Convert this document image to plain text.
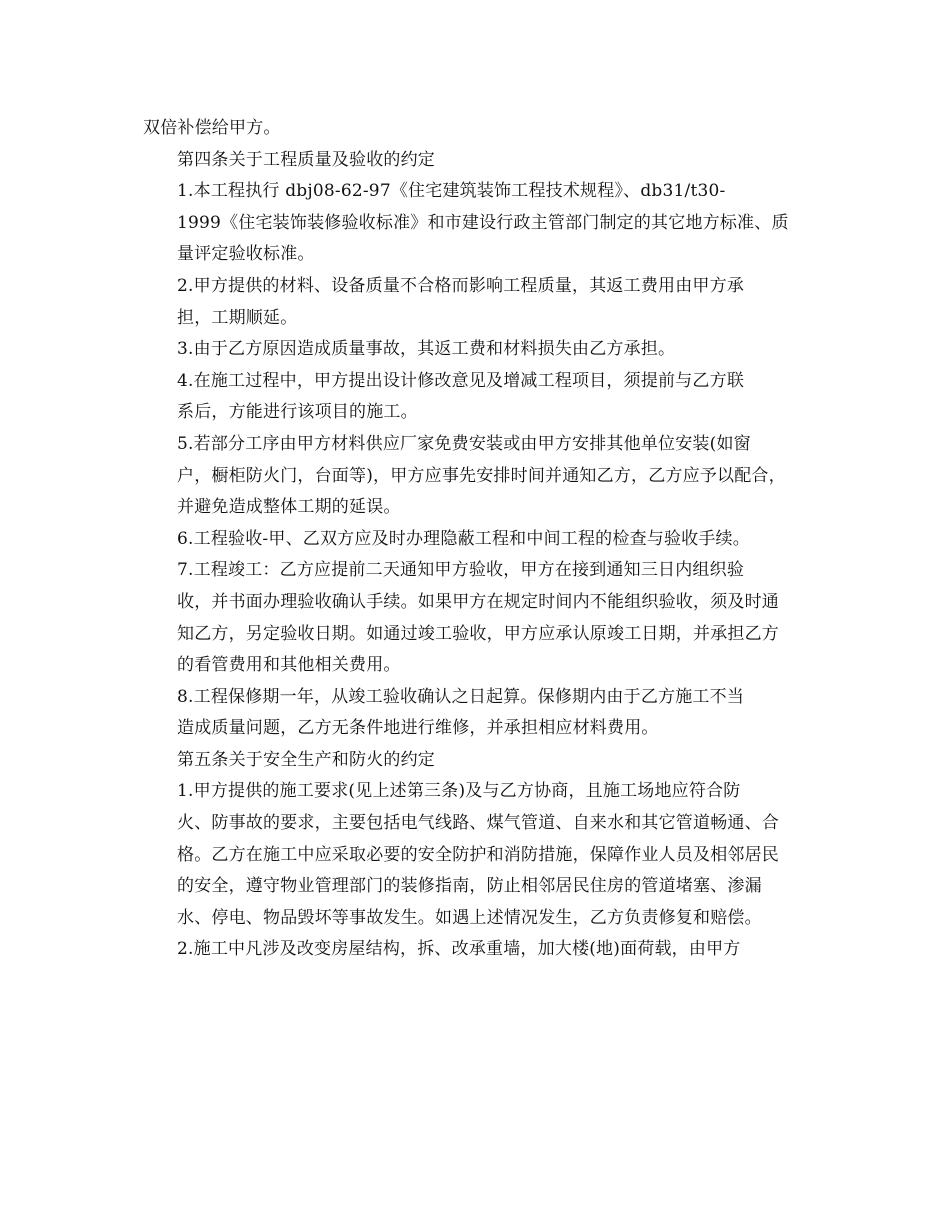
双倍补偿给甲方。

第四条关于工程质量及验收的约定

1.本工程执行 dbj08-62-97《住宅建筑装饰工程技术规程》、db31/t30-
1999《住宅装饰装修验收标准》和市建设行政主管部门制定的其它地方标准、质
量评定验收标准。

2.甲方提供的材料、设备质量不合格而影响工程质量，其返工费用由甲方承
担，工期顺延。

3.由于乙方原因造成质量事故，其返工费和材料损失由乙方承担。

4.在施工过程中，甲方提出设计修改意见及增减工程项目，须提前与乙方联
系后，方能进行该项目的施工。

5.若部分工序由甲方材料供应厂家免费安装或由甲方安排其他单位安装(如窗
户，橱柜防火门，台面等)，甲方应事先安排时间并通知乙方，乙方应予以配合，
并避免造成整体工期的延误。

6.工程验收-甲、乙双方应及时办理隐蔽工程和中间工程的检查与验收手续。

7.工程竣工：乙方应提前二天通知甲方验收，甲方在接到通知三日内组织验
收，并书面办理验收确认手续。如果甲方在规定时间内不能组织验收，须及时通
知乙方，另定验收日期。如通过竣工验收，甲方应承认原竣工日期，并承担乙方
的看管费用和其他相关费用。

8.工程保修期一年，从竣工验收确认之日起算。保修期内由于乙方施工不当
造成质量问题，乙方无条件地进行维修，并承担相应材料费用。

第五条关于安全生产和防火的约定

1.甲方提供的施工要求(见上述第三条)及与乙方协商，且施工场地应符合防
火、防事故的要求，主要包括电气线路、煤气管道、自来水和其它管道畅通、合
格。乙方在施工中应采取必要的安全防护和消防措施，保障作业人员及相邻居民
的安全，遵守物业管理部门的装修指南，防止相邻居民住房的管道堵塞、渗漏
水、停电、物品毁坏等事故发生。如遇上述情况发生，乙方负责修复和赔偿。

2.施工中凡涉及改变房屋结构，拆、改承重墙，加大楼(地)面荷载，由甲方
